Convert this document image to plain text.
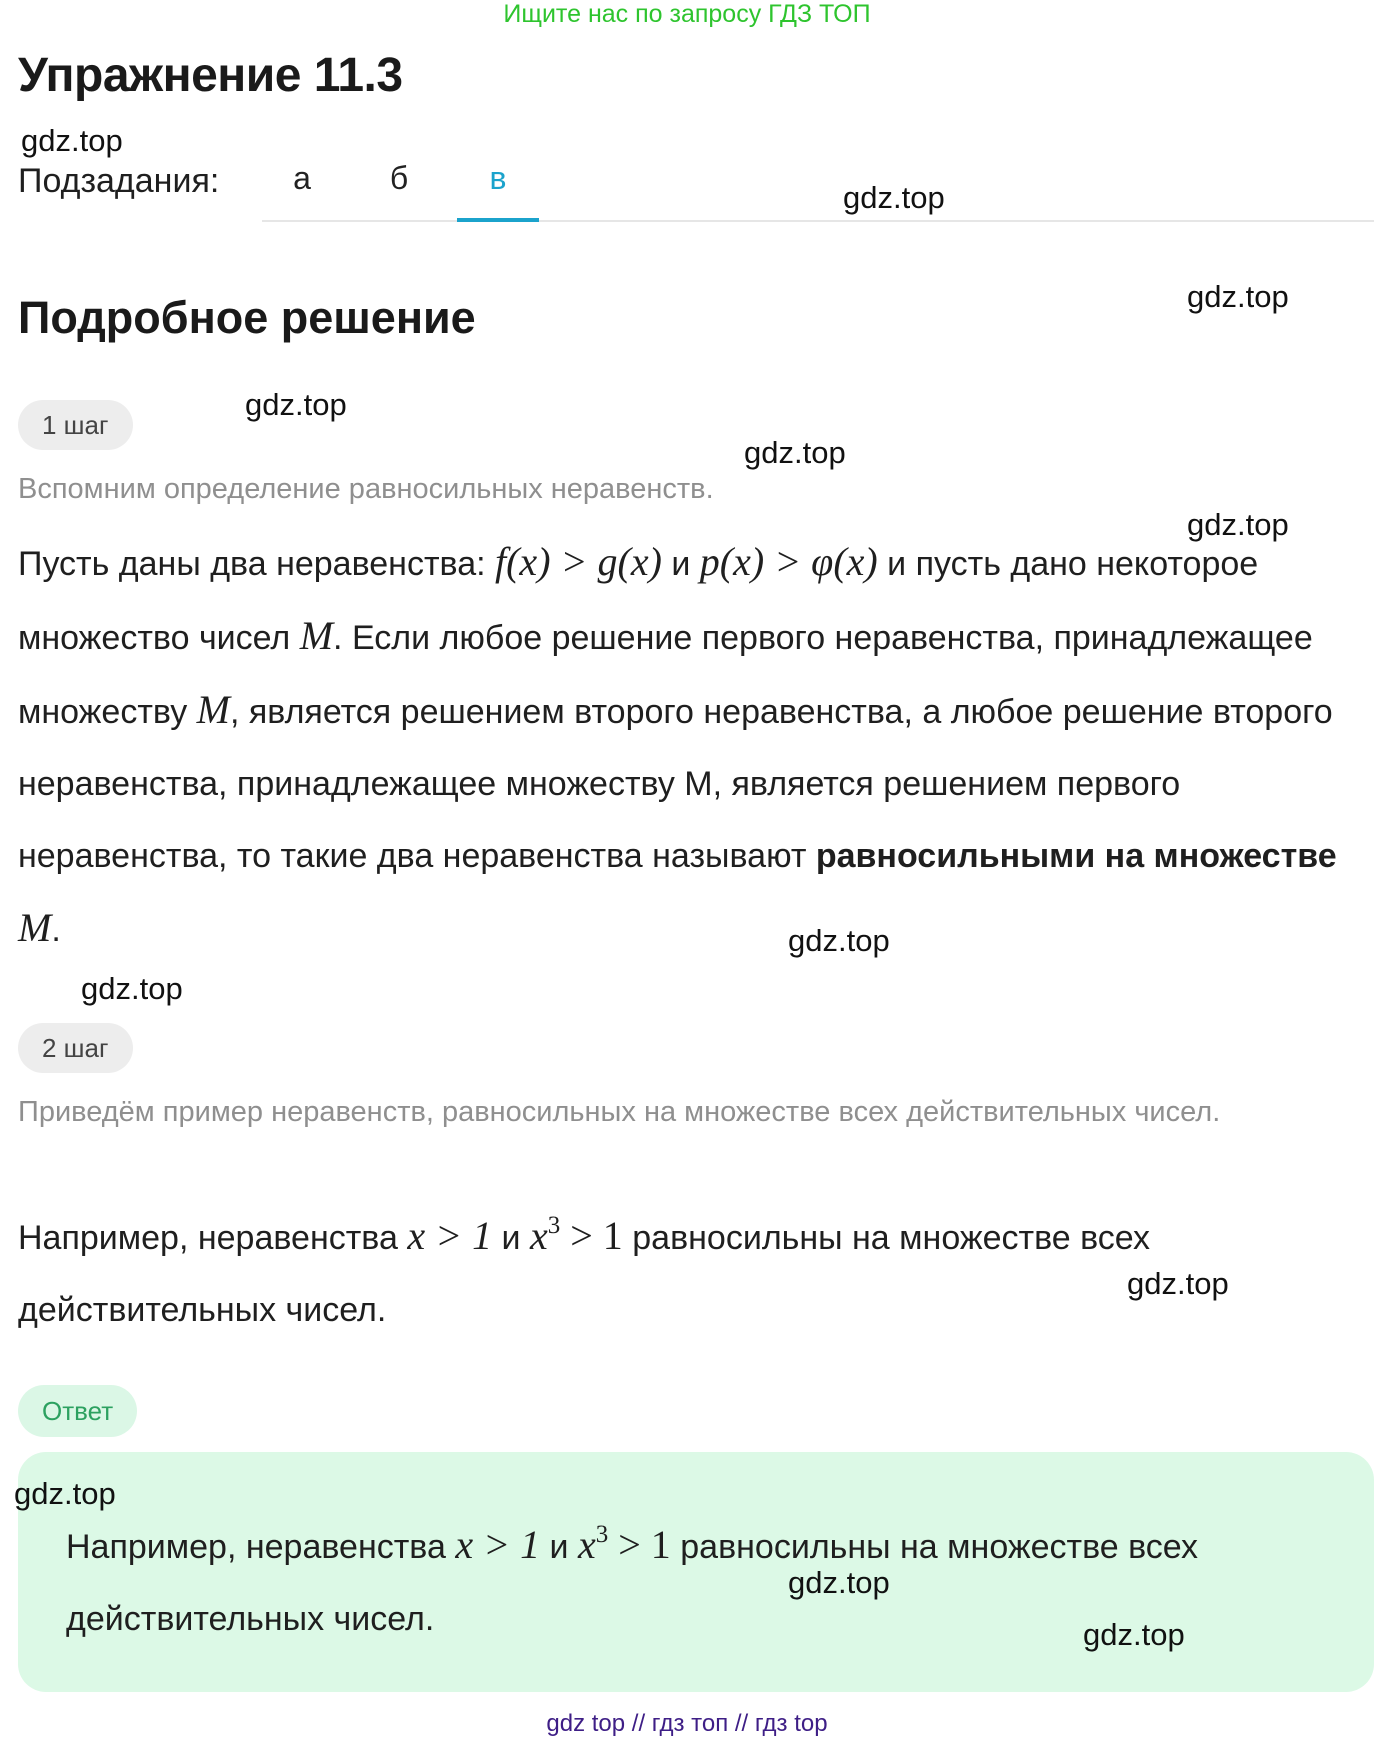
Ищите нас по запросу ГДЗ ТОП
Упражнение 11.3
Подзадания:	а	б	в
Подробное решение
1 шаг
Вспомним определение равносильных неравенств.
Пусть даны два неравенства: f(x) > g(x) и p(x) > φ(x) и пусть дано некоторое множество чисел M. Если любое решение первого неравенства, принадлежащее множеству M, является решением второго неравенства, а любое решение второго неравенства, принадлежащее множеству М, является решением первого неравенства, то такие два неравенства называют равносильными на множестве M.
2 шаг
Приведём пример неравенств, равносильных на множестве всех действительных чисел.
Например, неравенства x > 1 и $x^3 > 1$ равносильны на множестве всех действительных чисел.
Ответ
Например, неравенства x > 1 и $x^3 > 1$ равносильны на множестве всех действительных чисел.
gdz.top
gdz.top
gdz.top
gdz.top
gdz.top
gdz.top
gdz.top
gdz.top
gdz.top
gdz.top
gdz.top
gdz.top
gdz top // гдз топ // гдз top
